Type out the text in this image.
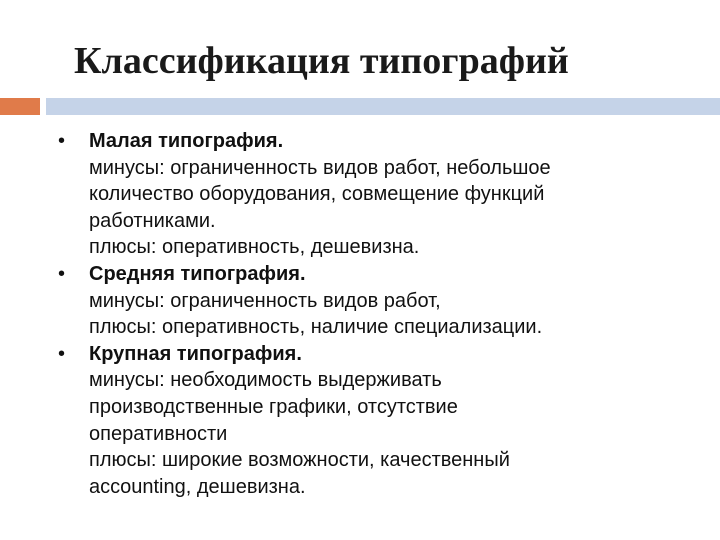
Классификация типографий
•	Малая типография.
минусы: ограниченность видов работ, небольшое
количество оборудования, совмещение функций
работниками.
плюсы: оперативность, дешевизна.
•	Средняя типография.
минусы: ограниченность видов работ,
плюсы: оперативность, наличие специализации.
•	Крупная типография.
минусы: необходимость выдерживать
производственные графики, отсутствие
оперативности
плюсы: широкие возможности, качественный
accounting, дешевизна.
